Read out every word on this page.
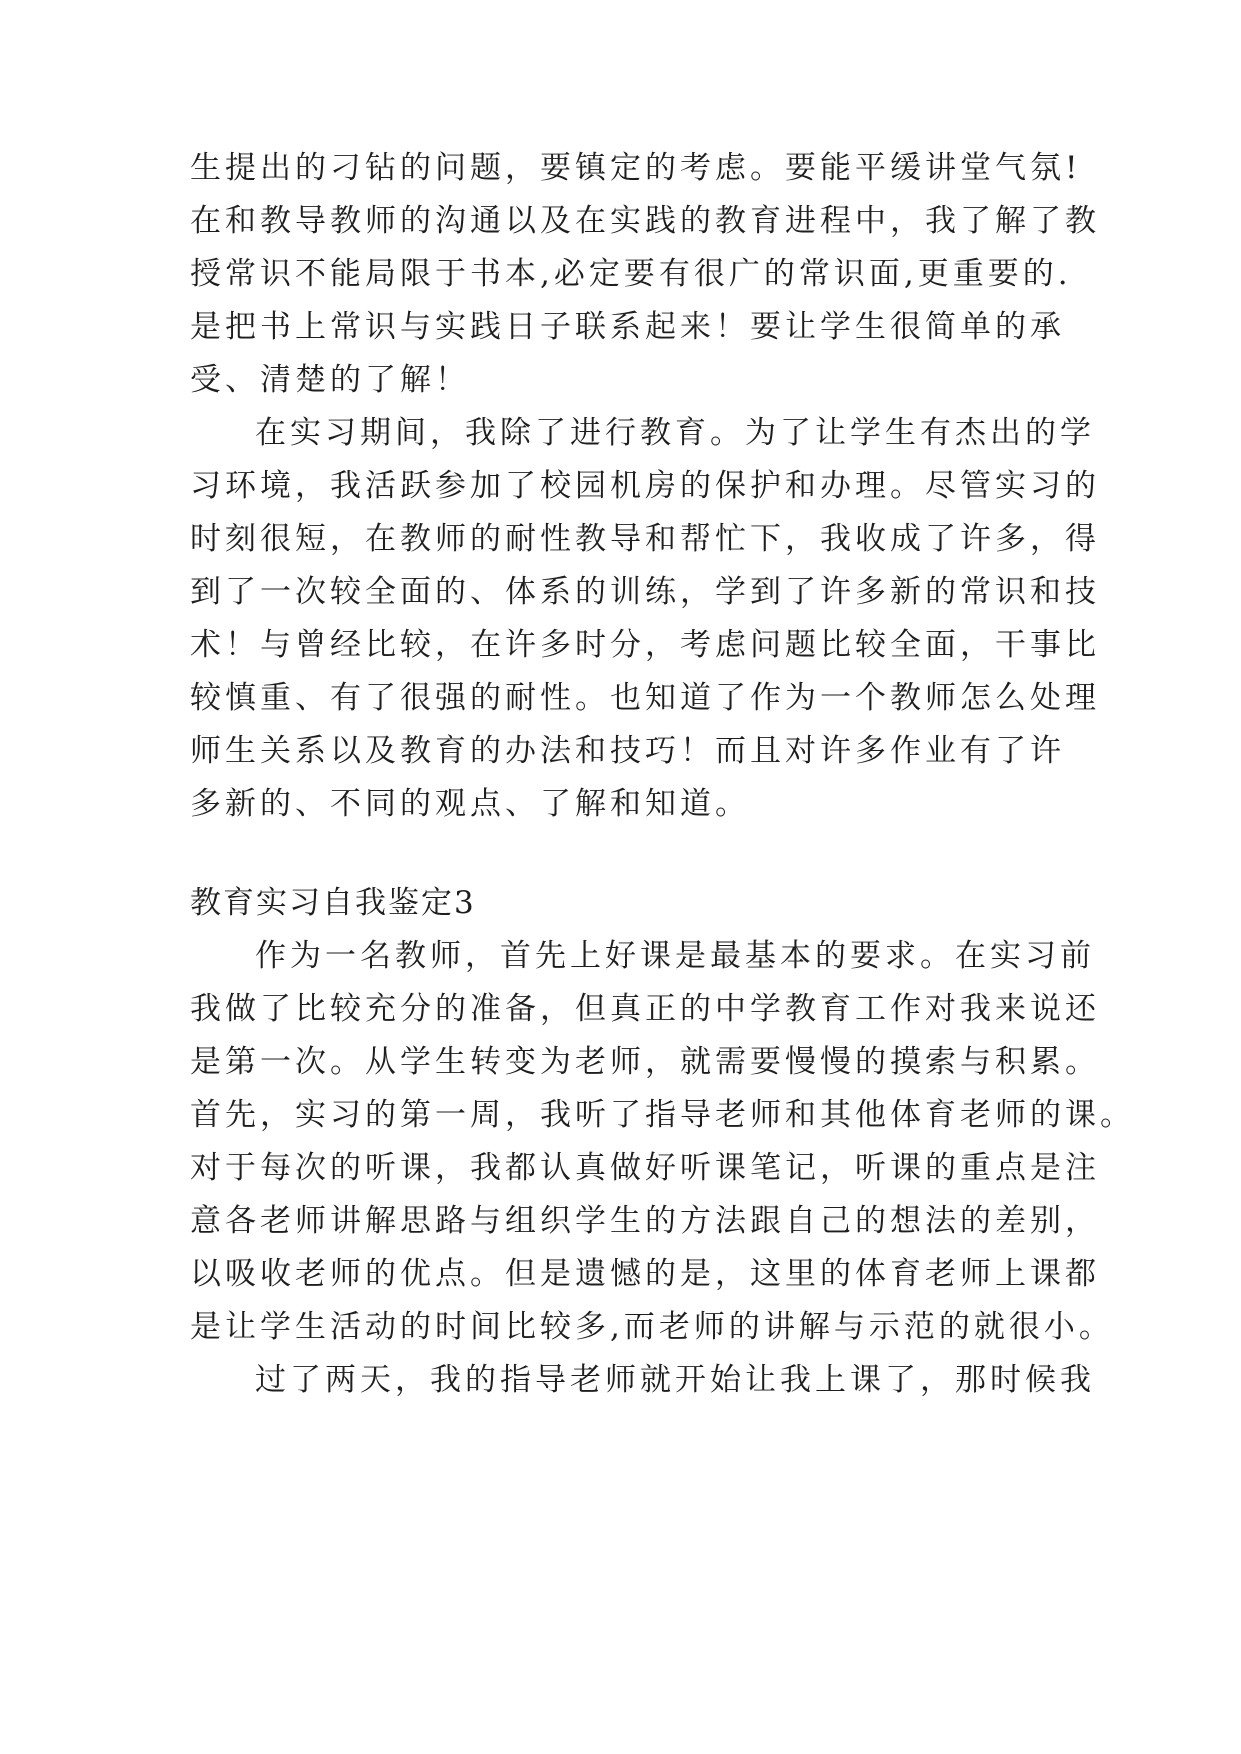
生提出的刁钻的问题，要镇定的考虑。要能平缓讲堂气氛!
在和教导教师的沟通以及在实践的教育进程中，我了解了教
授常识不能局限于书本,必定要有很广的常识面,更重要的.
是把书上常识与实践日子联系起来！要让学生很简单的承
受、清楚的了解！
在实习期间，我除了进行教育。为了让学生有杰出的学
习环境，我活跃参加了校园机房的保护和办理。尽管实习的
时刻很短，在教师的耐性教导和帮忙下，我收成了许多，得
到了一次较全面的、体系的训练，学到了许多新的常识和技
术！与曾经比较，在许多时分，考虑问题比较全面，干事比
较慎重、有了很强的耐性。也知道了作为一个教师怎么处理
师生关系以及教育的办法和技巧！而且对许多作业有了许
多新的、不同的观点、了解和知道。
教育实习自我鉴定3
作为一名教师，首先上好课是最基本的要求。在实习前
我做了比较充分的准备，但真正的中学教育工作对我来说还
是第一次。从学生转变为老师，就需要慢慢的摸索与积累。
首先，实习的第一周，我听了指导老师和其他体育老师的课。
对于每次的听课，我都认真做好听课笔记，听课的重点是注
意各老师讲解思路与组织学生的方法跟自己的想法的差别，
以吸收老师的优点。但是遗憾的是，这里的体育老师上课都
是让学生活动的时间比较多,而老师的讲解与示范的就很小。
过了两天，我的指导老师就开始让我上课了，那时候我
